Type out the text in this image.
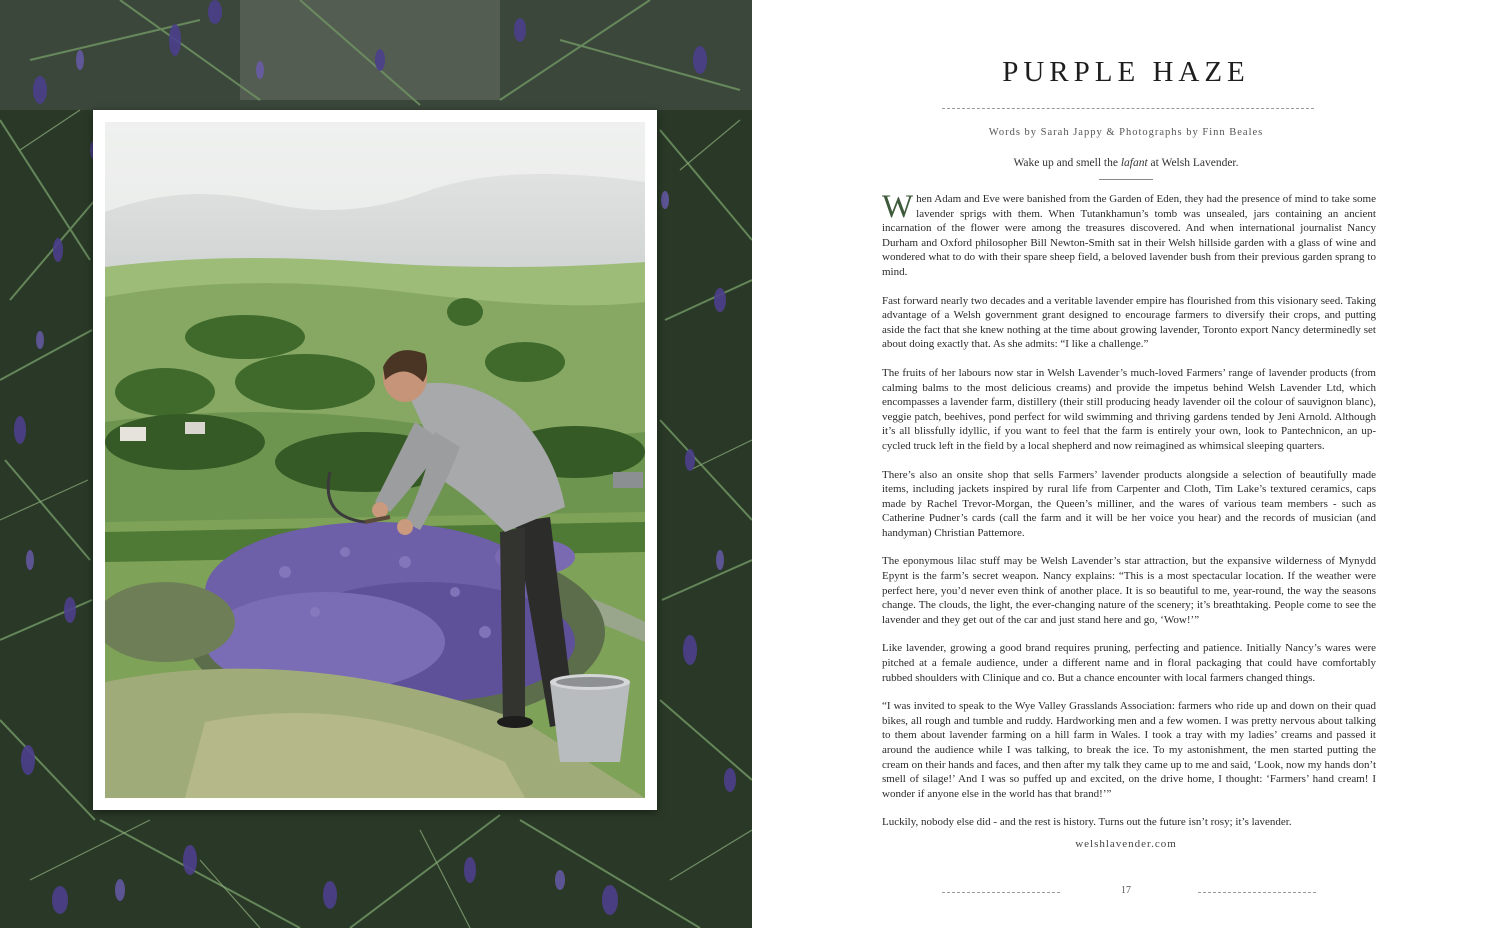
PURPLE HAZE
Words by Sarah Jappy & Photographs by Finn Beales
Wake up and smell the lafant at Welsh Lavender.

When Adam and Eve were banished from the Garden of Eden, they had the presence of mind to take some lavender sprigs with them. When Tutankhamun’s tomb was unsealed, jars containing an ancient incarnation of the flower were among the treasures discovered. And when international journalist Nancy Durham and Oxford philosopher Bill Newton-Smith sat in their Welsh hillside garden with a glass of wine and wondered what to do with their spare sheep field, a beloved lavender bush from their previous garden sprang to mind.

Fast forward nearly two decades and a veritable lavender empire has flourished from this visionary seed. Taking advantage of a Welsh government grant designed to encourage farmers to diversify their crops, and putting aside the fact that she knew nothing at the time about growing lavender, Toronto export Nancy determinedly set about doing exactly that. As she admits: “I like a challenge.”

The fruits of her labours now star in Welsh Lavender’s much-loved Farmers’ range of lavender products (from calming balms to the most delicious creams) and provide the impetus behind Welsh Lavender Ltd, which encompasses a lavender farm, distillery (their still producing heady lavender oil the colour of sauvignon blanc), veggie patch, beehives, pond perfect for wild swimming and thriving gardens tended by Jeni Arnold. Although it’s all blissfully idyllic, if you want to feel that the farm is entirely your own, look to Pantechnicon, an up-cycled truck left in the field by a local shepherd and now reimagined as whimsical sleeping quarters.

There’s also an onsite shop that sells Farmers’ lavender products alongside a selection of beautifully made items, including jackets inspired by rural life from Carpenter and Cloth, Tim Lake’s textured ceramics, caps made by Rachel Trevor-Morgan, the Queen’s milliner, and the wares of various team members - such as Catherine Pudner’s cards (call the farm and it will be her voice you hear) and the records of musician (and handyman) Christian Pattemore.

The eponymous lilac stuff may be Welsh Lavender’s star attraction, but the expansive wilderness of Mynydd Epynt is the farm’s secret weapon. Nancy explains: “This is a most spectacular location. If the weather were perfect here, you’d never even think of another place. It is so beautiful to me, year-round, the way the seasons change. The clouds, the light, the ever-changing nature of the scenery; it’s breathtaking. People come to see the lavender and they get out of the car and just stand here and go, ‘Wow!’”

Like lavender, growing a good brand requires pruning, perfecting and patience. Initially Nancy’s wares were pitched at a female audience, under a different name and in floral packaging that could have comfortably rubbed shoulders with Clinique and co. But a chance encounter with local farmers changed things.

“I was invited to speak to the Wye Valley Grasslands Association: farmers who ride up and down on their quad bikes, all rough and tumble and ruddy. Hardworking men and a few women. I was pretty nervous about talking to them about lavender farming on a hill farm in Wales. I took a tray with my ladies’ creams and passed it around the audience while I was talking, to break the ice. To my astonishment, the men started putting the cream on their hands and faces, and then after my talk they came up to me and said, ‘Look, now my hands don’t smell of silage!’ And I was so puffed up and excited, on the drive home, I thought: ‘Farmers’ hand cream! I wonder if anyone else in the world has that brand!’”

Luckily, nobody else did - and the rest is history. Turns out the future isn’t rosy; it’s lavender.

welshlavender.com
17
